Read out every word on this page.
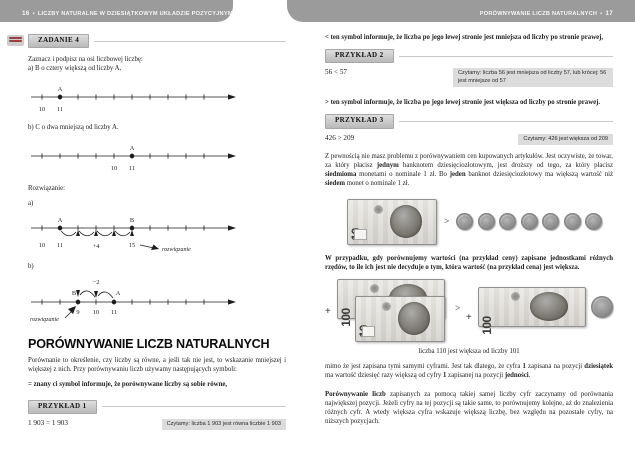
16 • LICZBY NATURALNE W DZIESIĄTKOWYM UKŁADZIE POZYCYJNYM	PORÓWNYWANIE LICZB NATURALNYCH • 17
ZADANIE 4

Zaznacz i podpisz na osi liczbowej liczbę:

a) B o cztery większą od liczby A,

A
10 11

b) C o dwa mniejszą od liczby A.

A
10 11

Rozwiązanie:

a)

A	B
10 11	+4	15
rozwiązanie

b)

B	A
−2
9 10 11
rozwiązanie
PORÓWNYWANIE LICZB NATURALNYCH

Porównanie to określenie, czy liczby są równe, a jeśli tak nie jest, to wskazanie mniejszej i większej z nich. Przy porównywaniu liczb używamy następujących symboli:

= znany ci symbol informuje, że porównywane liczby są sobie równe,

PRZYKŁAD 1
1 903 = 1 903	Czytamy: liczba 1 903 jest równa liczbie 1 903

< ten symbol informuje, że liczba po jego lewej stronie jest mniejsza od liczby po stronie prawej,

PRZYKŁAD 2
56 < 57	Czytamy: liczba 56 jest mniejsza od liczby 57, lub krócej: 56 jest mniejsze od 57

> ten symbol informuje, że liczba po jego lewej stronie jest większa od liczby po stronie prawej.

PRZYKŁAD 3
426 > 209	Czytamy: 426 jest większa od 209

Z pewnością nie masz problemu z porównywaniem cen kupowanych artykułów. Jest oczywiste, że towar, za który płacisz jednym banknotem dziesięciozłotowym, jest droższy od tego, za który płacisz siedmioma monetami o nominale 1 zł. Bo jeden banknot dziesięciozłotowy ma większą wartość niż siedem monet o nominale 1 zł.

>

W przypadku, gdy porównujemy wartości (na przykład ceny) zapisane jednostkami różnych rzędów, to ile ich jest nie decyduje o tym, która wartość (na przykład cena) jest większa.

+ 100	>
+ 100
liczba 110 jest większa od liczby 101

mimo że jest zapisana tymi samymi cyframi. Jest tak dlatego, że cyfra 1 zapisana na pozycji dziesiątek ma wartość dziesięć razy większą od cyfry 1 zapisanej na pozycji jedności.

Porównywanie liczb zapisanych za pomocą takiej samej liczby cyfr zaczynamy od porównania największej pozycji. Jeżeli cyfry na tej pozycji są takie same, to porównujemy kolejne, aż do znalezienia różnych cyfr. A wtedy większa cyfra wskazuje większą liczbę, bez względu na pozostałe cyfry, na niższych pozycjach.
